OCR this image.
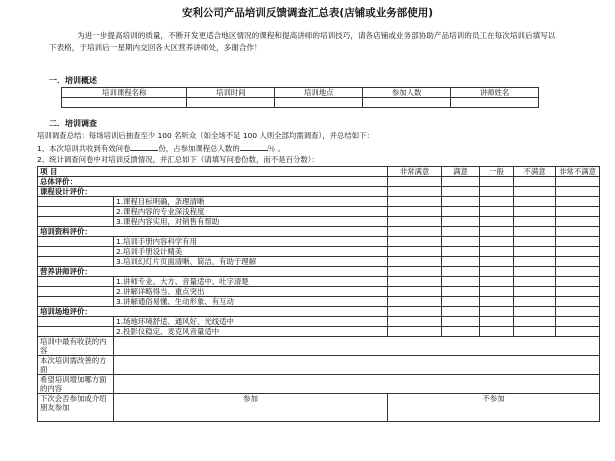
安利公司产品培训反馈调查汇总表(店铺或业务部使用)
为进一步提高培训的质量，不断开发更适合地区情况的课程和提高讲师的培训技巧，请各店铺或业务部协助产品培训的员工在每次培训后填写以下表格，于培训后一星期内交回各大区营养讲师处，多谢合作！
一．培训概述
培训课程名称	培训时间	培训地点	参加人数	讲师姓名

二．培训调查
培训调查总结：每场培训后抽查至少 100 名听众（如全场不足 100 人则全部均需调查），并总结如下：
1、本次培训共收到有效问卷	份，占参加课程总人数的	％ 。
2、统计调查问卷中对培训反馈情况，并汇总如下（请填写问卷份数，而不是百分数）：
项 目		非常满意	满意	一般	不满意	非常不满意
总体评价：						
课程设计评价：						
	1.课程目标明确，条理清晰					
	2.课程内容的专业深浅程度					
	3.课程内容实用，对销售有帮助					
培训资料评价：						
	1.培训手册内容科学有用					
	2.培训手册设计精美					
	3.培训幻灯片页面清晰、简洁，有助于理解					
营养讲师评价：						
	1.讲师专业、大方、音量适中、吐字清楚					
	2.讲解详略得当、重点突出					
	3.讲解通俗易懂、生动形象、有互动					
培训场地评价：						
	1.场地环境舒适、通风好、光线适中					
	2.投影仪稳定、麦克风音量适中					
培训中最有收获的内容						
本次培训需改善的方面						
希望培训增加哪方面的内容						
下次会否参加或介绍朋友参加	参加	不参加				
